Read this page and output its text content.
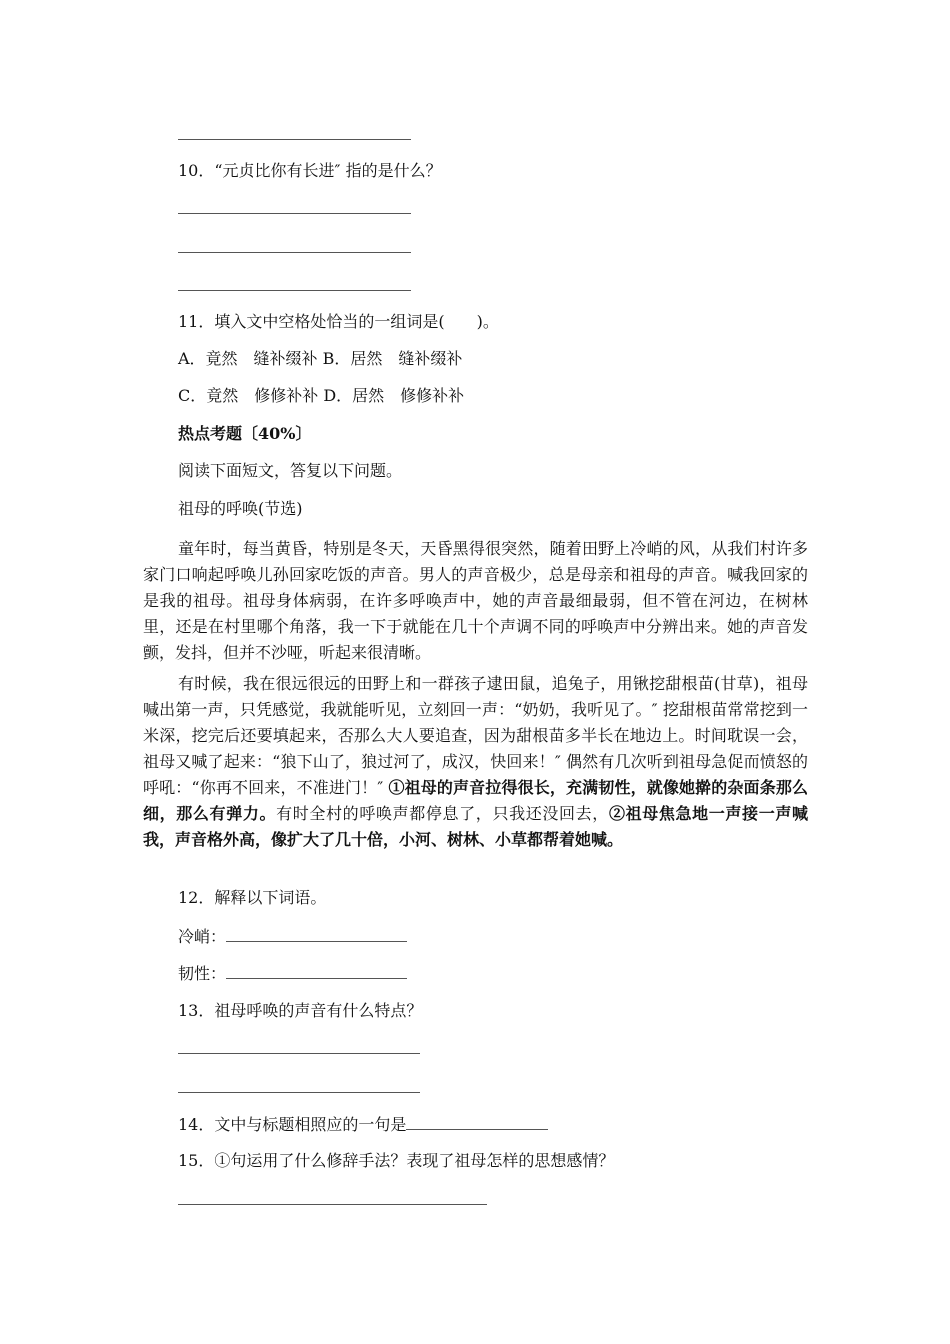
10．“元贞比你有长进″ 指的是什么？
11．填入文中空格处恰当的一组词是(　　)。
A．竟然　缝补缀补 B．居然　缝补缀补
C．竟然　修修补补 D．居然　修修补补
热点考题〔40%〕
阅读下面短文，答复以下问题。
祖母的呼唤(节选)
童年时，每当黄昏，特别是冬天，天昏黑得很突然，随着田野上冷峭的风，从我们村许多家门口响起呼唤儿孙回家吃饭的声音。男人的声音极少，总是母亲和祖母的声音。喊我回家的是我的祖母。祖母身体病弱，在许多呼唤声中，她的声音最细最弱，但不管在河边，在树林里，还是在村里哪个角落，我一下于就能在几十个声调不同的呼唤声中分辨出来。她的声音发颤，发抖，但并不沙哑，听起来很清晰。
有时候，我在很远很远的田野上和一群孩子逮田鼠，追兔子，用锹挖甜根苗(甘草)，祖母喊出第一声，只凭感觉，我就能听见，立刻回一声：“奶奶，我听见了。″ 挖甜根苗常常挖到一米深，挖完后还要填起来，否那么大人要追查，因为甜根苗多半长在地边上。时间耽误一会，祖母又喊了起来：“狼下山了，狼过河了，成汉，快回来！″ 偶然有几次听到祖母急促而愤怒的呼吼：“你再不回来，不准进门！″ ①祖母的声音拉得很长，充满韧性，就像她擀的杂面条那么细，那么有弹力。有时全村的呼唤声都停息了，只我还没回去，②祖母焦急地一声接一声喊我，声音格外高，像扩大了几十倍，小河、树林、小草都帮着她喊。
12．解释以下词语。
冷峭：
韧性：
13．祖母呼唤的声音有什么特点？
14．文中与标题相照应的一句是
15．①句运用了什么修辞手法？表现了祖母怎样的思想感情？
